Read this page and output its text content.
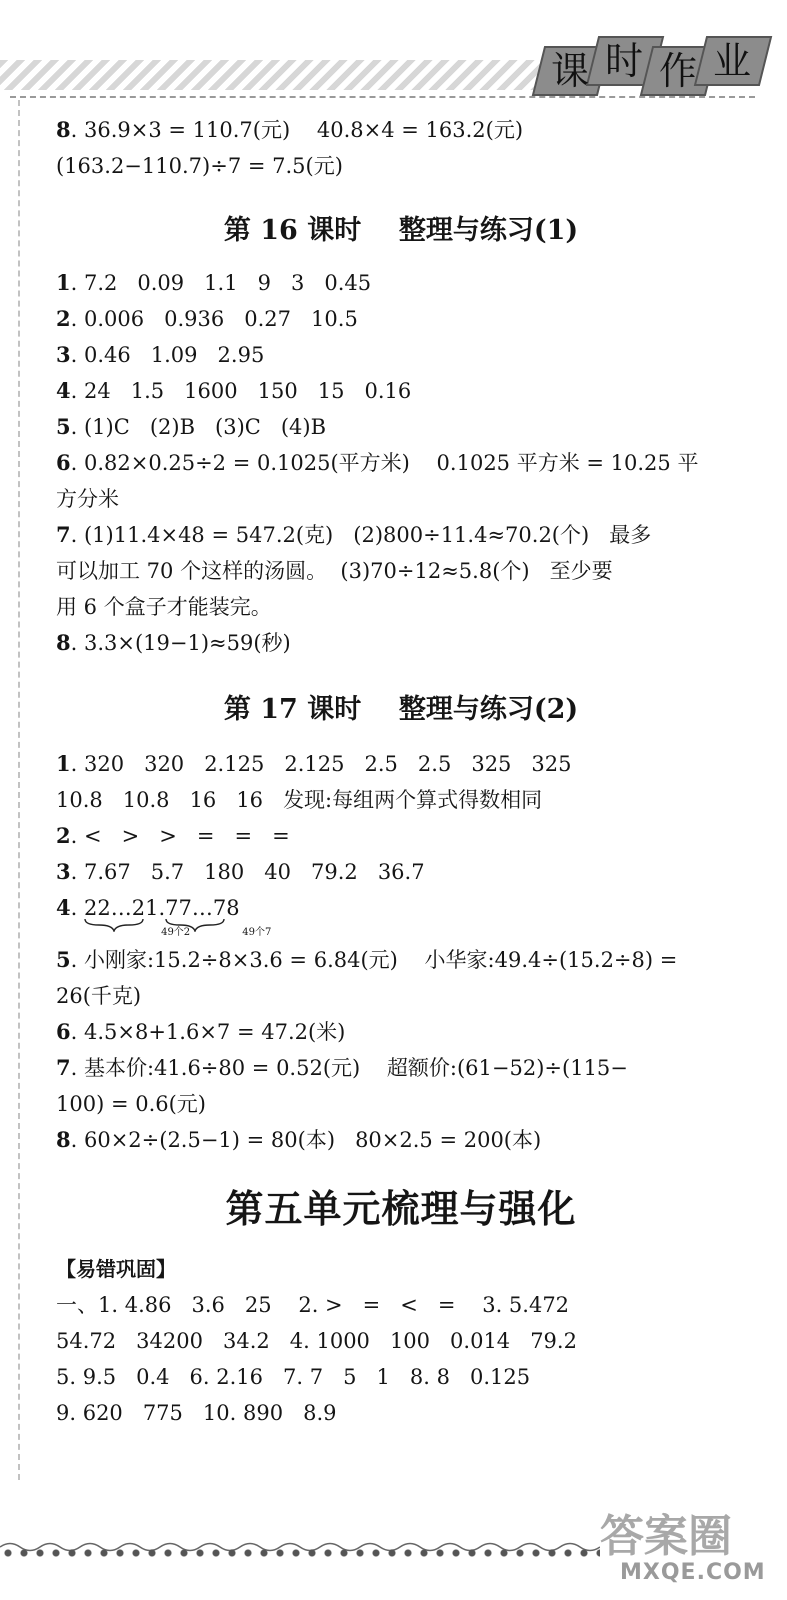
课 时 作 业
8. 36.9×3 = 110.7(元)    40.8×4 = 163.2(元)
(163.2−110.7)÷7 = 7.5(元)
第 16 课时    整理与练习(1)
1. 7.2   0.09   1.1   9   3   0.45
2. 0.006   0.936   0.27   10.5
3. 0.46   1.09   2.95
4. 24   1.5   1600   150   15   0.16
5. (1)C   (2)B   (3)C   (4)B
6. 0.82×0.25÷2 = 0.1025(平方米)    0.1025 平方米 = 10.25 平
方分米
7. (1)11.4×48 = 547.2(克)   (2)800÷11.4≈70.2(个)   最多
可以加工 70 个这样的汤圆。  (3)70÷12≈5.8(个)   至少要
用 6 个盒子才能装完。
8. 3.3×(19−1)≈59(秒)
第 17 课时    整理与练习(2)
1. 320   320   2.125   2.125   2.5   2.5   325   325
10.8   10.8   16   16   发现:每组两个算式得数相同
2. <   >   >   =   =   =
3. 7.67   5.7   180   40   79.2   36.7
4. 22…2
49个2
1.77…7
49个7
8
5. 小刚家:15.2÷8×3.6 = 6.84(元)    小华家:49.4÷(15.2÷8) =
26(千克)
6. 4.5×8+1.6×7 = 47.2(米)
7. 基本价:41.6÷80 = 0.52(元)    超额价:(61−52)÷(115−
100) = 0.6(元)
8. 60×2÷(2.5−1) = 80(本)   80×2.5 = 200(本)
第五单元梳理与强化
【易错巩固】
一、1. 4.86   3.6   25    2. >   =   <   =    3. 5.472
54.72   34200   34.2   4. 1000   100   0.014   79.2
5. 9.5   0.4   6. 2.16   7. 7   5   1   8. 8   0.125
9. 620   775   10. 890   8.9
答案圈
MXQE.COM
